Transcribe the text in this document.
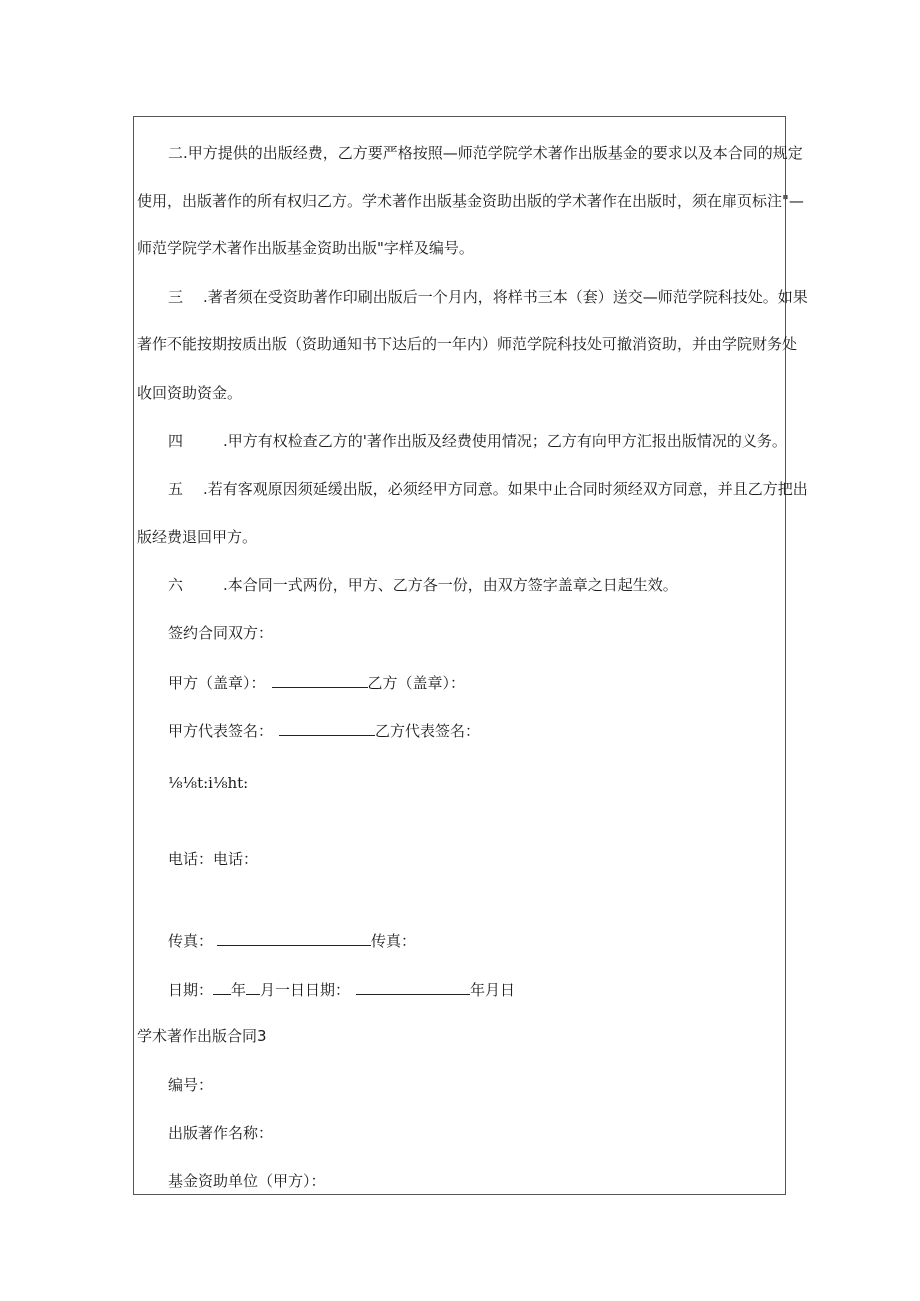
二.甲方提供的出版经费，乙方要严格按照—师范学院学术著作出版基金的要求以及本合同的规定
使用，出版著作的所有权归乙方。学术著作出版基金资助出版的学术著作在出版时，须在扉页标注"—
师范学院学术著作出版基金资助出版"字样及编号。
三 .著者须在受资助著作印刷出版后一个月内，将样书三本（套）送交—师范学院科技处。如果
著作不能按期按质出版（资助通知书下达后的一年内）师范学院科技处可撤消资助，并由学院财务处
收回资助资金。
四	.甲方有权检查乙方的'著作出版及经费使用情况；乙方有向甲方汇报出版情况的义务。
五 .若有客观原因须延缓出版，必须经甲方同意。如果中止合同时须经双方同意，并且乙方把出
版经费退回甲方。
六	.本合同一式两份，甲方、乙方各一份，由双方签字盖章之日起生效。
签约合同双方：
甲方（盖章）：	乙方（盖章）：
甲方代表签名：	乙方代表签名：
⅛⅛t:i⅛ht:
电话：电话：
传真：	传真：
日期： 年 月一日日期：	年月日
学术著作出版合同3
编号：
出版著作名称：
基金资助单位（甲方）：
